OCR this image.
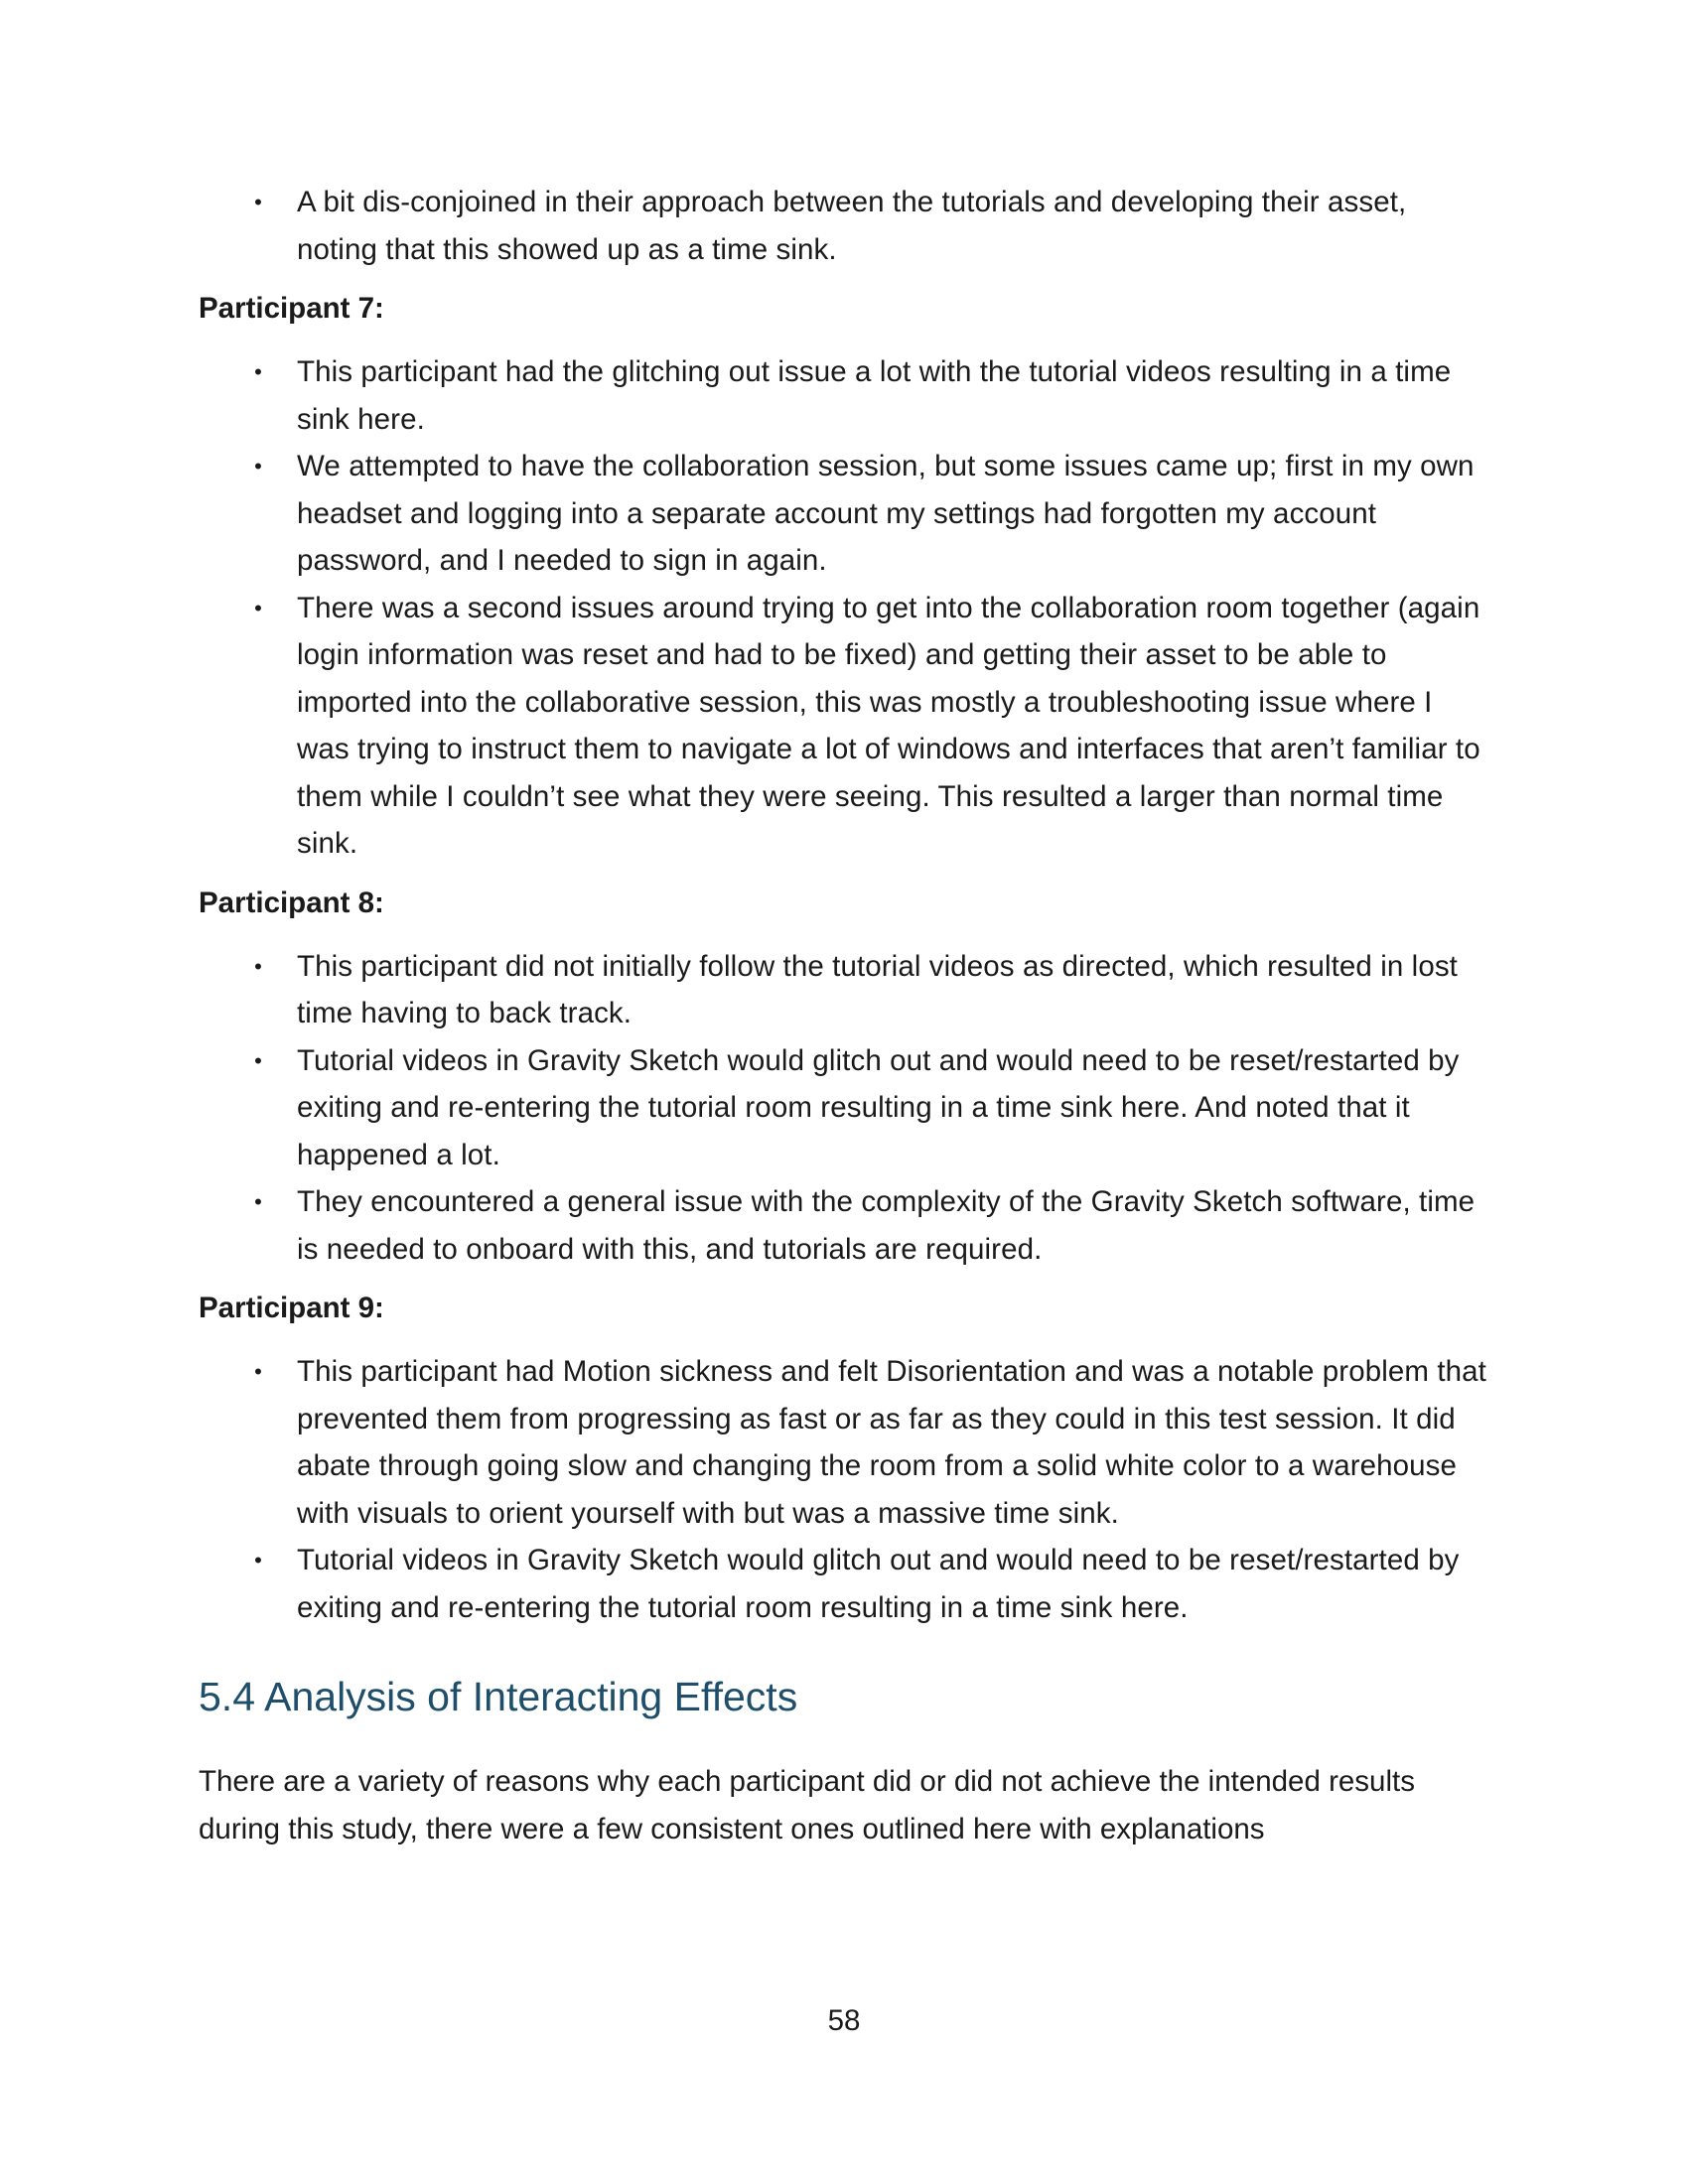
• A bit dis-conjoined in their approach between the tutorials and developing their asset, noting that this showed up as a time sink.
Participant 7:
• This participant had the glitching out issue a lot with the tutorial videos resulting in a time sink here.
• We attempted to have the collaboration session, but some issues came up; first in my own headset and logging into a separate account my settings had forgotten my account password, and I needed to sign in again.
• There was a second issues around trying to get into the collaboration room together (again login information was reset and had to be fixed) and getting their asset to be able to imported into the collaborative session, this was mostly a troubleshooting issue where I was trying to instruct them to navigate a lot of windows and interfaces that aren’t familiar to them while I couldn’t see what they were seeing. This resulted a larger than normal time sink.
Participant 8:
• This participant did not initially follow the tutorial videos as directed, which resulted in lost time having to back track.
• Tutorial videos in Gravity Sketch would glitch out and would need to be reset/restarted by exiting and re-entering the tutorial room resulting in a time sink here. And noted that it happened a lot.
• They encountered a general issue with the complexity of the Gravity Sketch software, time is needed to onboard with this, and tutorials are required.
Participant 9:
• This participant had Motion sickness and felt Disorientation and was a notable problem that prevented them from progressing as fast or as far as they could in this test session. It did abate through going slow and changing the room from a solid white color to a warehouse with visuals to orient yourself with but was a massive time sink.
• Tutorial videos in Gravity Sketch would glitch out and would need to be reset/restarted by exiting and re-entering the tutorial room resulting in a time sink here.
5.4 Analysis of Interacting Effects

There are a variety of reasons why each participant did or did not achieve the intended results during this study, there were a few consistent ones outlined here with explanations

58
